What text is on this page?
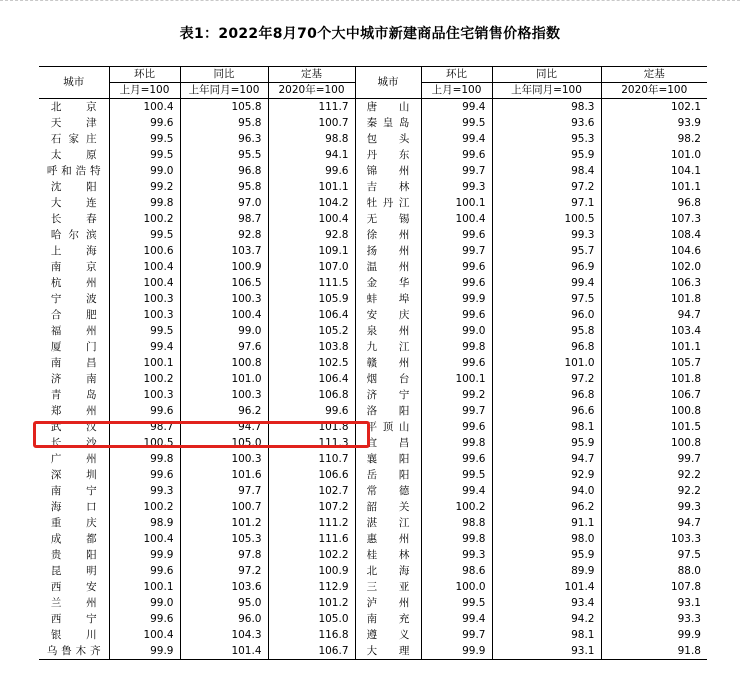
表1：2022年8月70个大中城市新建商品住宅销售价格指数
城市	环比	同比	定基	城市	环比	同比	定基
	上月=100	上年同月=100	2020年=100		上月=100	上年同月=100	2020年=100

北 京	100.4	105.8	111.7	唐 山	99.4	98.3	102.1

天 津	99.6	95.8	100.7	秦 皇 岛	99.5	93.6	93.9

石 家 庄	99.5	96.3	98.8	包 头	99.4	95.3	98.2

太 原	99.5	95.5	94.1	丹 东	99.6	95.9	101.0

呼 和 浩 特	99.0	96.8	99.6	锦 州	99.7	98.4	104.1

沈 阳	99.2	95.8	101.1	吉 林	99.3	97.2	101.1

大 连	99.8	97.0	104.2	牡 丹 江	100.1	97.1	96.8

长 春	100.2	98.7	100.4	无 锡	100.4	100.5	107.3

哈 尔 滨	99.5	92.8	92.8	徐 州	99.6	99.3	108.4

上 海	100.6	103.7	109.1	扬 州	99.7	95.7	104.6

南 京	100.4	100.9	107.0	温 州	99.6	96.9	102.0

杭 州	100.4	106.5	111.5	金 华	99.6	99.4	106.3

宁 波	100.3	100.3	105.9	蚌 埠	99.9	97.5	101.8

合 肥	100.3	100.4	106.4	安 庆	99.6	96.0	94.7

福 州	99.5	99.0	105.2	泉 州	99.0	95.8	103.4

厦 门	99.4	97.6	103.8	九 江	99.8	96.8	101.1

南 昌	100.1	100.8	102.5	赣 州	99.6	101.0	105.7

济 南	100.2	101.0	106.4	烟 台	100.1	97.2	101.8

青 岛	100.3	100.3	106.8	济 宁	99.2	96.8	106.7

郑 州	99.6	96.2	99.6	洛 阳	99.7	96.6	100.8

武 汉	98.7	94.7	101.8	平 顶 山	99.6	98.1	101.5

长 沙	100.5	105.0	111.3	宜 昌	99.8	95.9	100.8

广 州	99.8	100.3	110.7	襄 阳	99.6	94.7	99.7

深 圳	99.6	101.6	106.6	岳 阳	99.5	92.9	92.2

南 宁	99.3	97.7	102.7	常 德	99.4	94.0	92.2

海 口	100.2	100.7	107.2	韶 关	100.2	96.2	99.3

重 庆	98.9	101.2	111.2	湛 江	98.8	91.1	94.7

成 都	100.4	105.3	111.6	惠 州	99.8	98.0	103.3

贵 阳	99.9	97.8	102.2	桂 林	99.3	95.9	97.5

昆 明	99.6	97.2	100.9	北 海	98.6	89.9	88.0

西 安	100.1	103.6	112.9	三 亚	100.0	101.4	107.8

兰 州	99.0	95.0	101.2	泸 州	99.5	93.4	93.1

西 宁	99.6	96.0	105.0	南 充	99.4	94.2	93.3

银 川	100.4	104.3	116.8	遵 义	99.7	98.1	99.9

乌 鲁 木 齐	99.9	101.4	106.7	大 理	99.9	93.1	91.8
